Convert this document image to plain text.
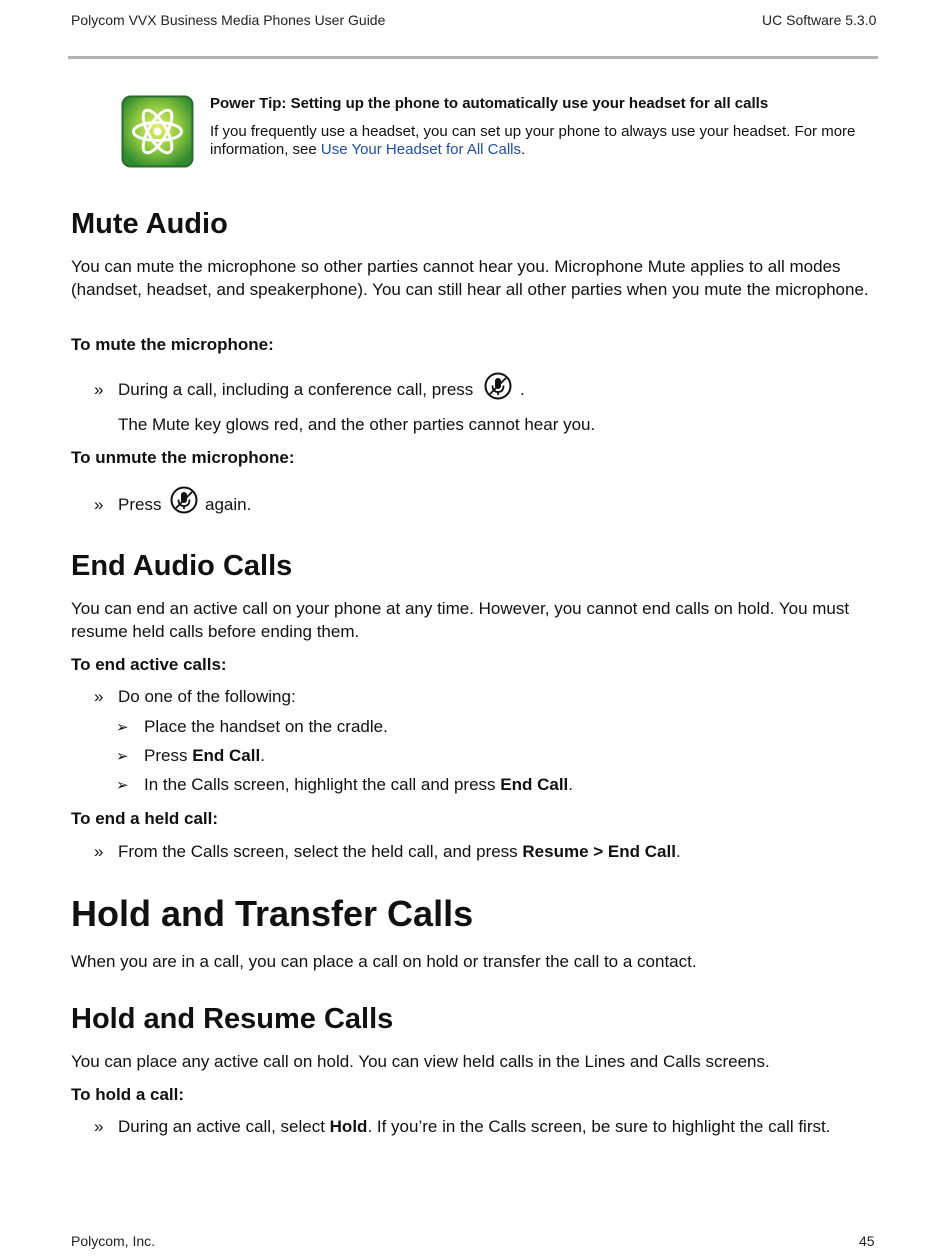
Polycom VVX Business Media Phones User Guide	UC Software 5.3.0
Power Tip: Setting up the phone to automatically use your headset for all calls
If you frequently use a headset, you can set up your phone to always use your headset. For more information, see Use Your Headset for All Calls.
Mute Audio

You can mute the microphone so other parties cannot hear you. Microphone Mute applies to all modes (handset, headset, and speakerphone). You can still hear all other parties when you mute the microphone.

To mute the microphone:
» During a call, including a conference call, press	.
The Mute key glows red, and the other parties cannot hear you.
To unmute the microphone:
» Press	again.
End Audio Calls

You can end an active call on your phone at any time. However, you cannot end calls on hold. You must resume held calls before ending them.

To end active calls:
» Do one of the following:
➢ Place the handset on the cradle.
➢ Press End Call.
➢ In the Calls screen, highlight the call and press End Call.
To end a held call:
» From the Calls screen, select the held call, and press Resume > End Call.
Hold and Transfer Calls

When you are in a call, you can place a call on hold or transfer the call to a contact.

Hold and Resume Calls

You can place any active call on hold. You can view held calls in the Lines and Calls screens.

To hold a call:
» During an active call, select Hold. If you’re in the Calls screen, be sure to highlight the call first.
Polycom, Inc.	45
